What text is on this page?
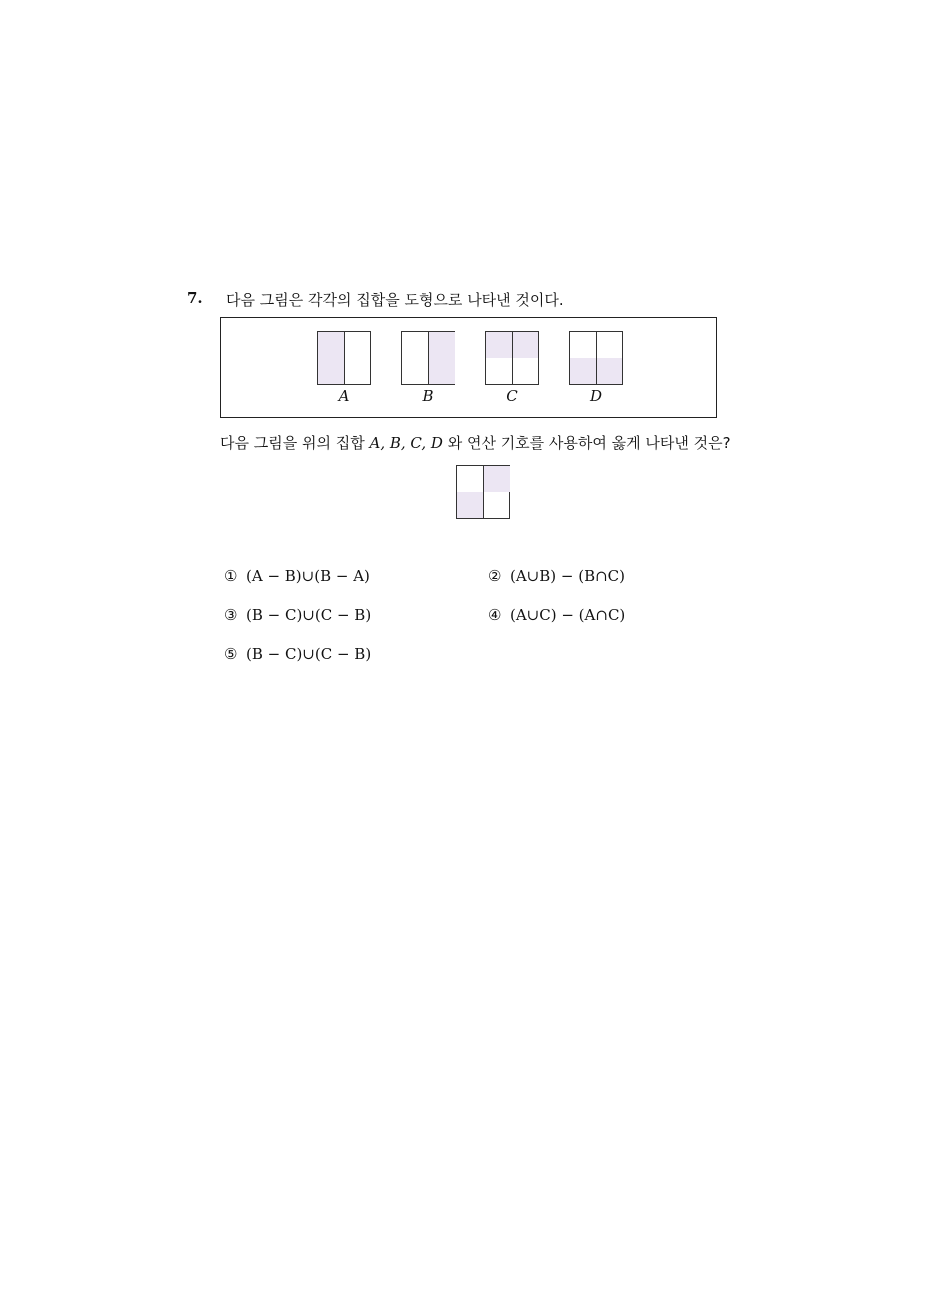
7. 다음 그림은 각각의 집합을 도형으로 나타낸 것이다.
A	B	C	D
다음 그림을 위의 집합 A, B, C, D 와 연산 기호를 사용하여 옳게 나타낸 것은?
① (A − B)∪(B − A)	② (A∪B) − (B∩C)
③ (B − C)∪(C − B)	④ (A∪C) − (A∩C)
⑤ (B − C)∪(C − B)
